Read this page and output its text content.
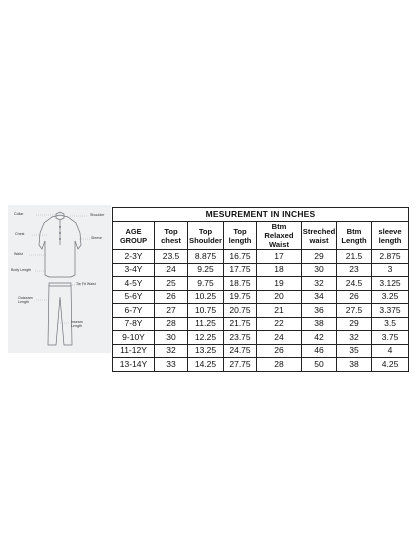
Collar	Shoulder
Chest
Sleeve
Waist
Body Length
Tie Fit Waist
Outseam Length
Inseam Length
MESUREMENT IN INCHES							
AGE GROUP	Top chest	Top Shoulder	Top length	Btm Relaxed Waist	Streched waist	Btm Length	sleeve length
2-3Y	23.5	8.875	16.75	17	29	21.5	2.875
3-4Y	24	9.25	17.75	18	30	23	3
4-5Y	25	9.75	18.75	19	32	24.5	3.125
5-6Y	26	10.25	19.75	20	34	26	3.25
6-7Y	27	10.75	20.75	21	36	27.5	3.375
7-8Y	28	11.25	21.75	22	38	29	3.5
9-10Y	30	12.25	23.75	24	42	32	3.75
11-12Y	32	13.25	24.75	26	46	35	4
13-14Y	33	14.25	27.75	28	50	38	4.25
